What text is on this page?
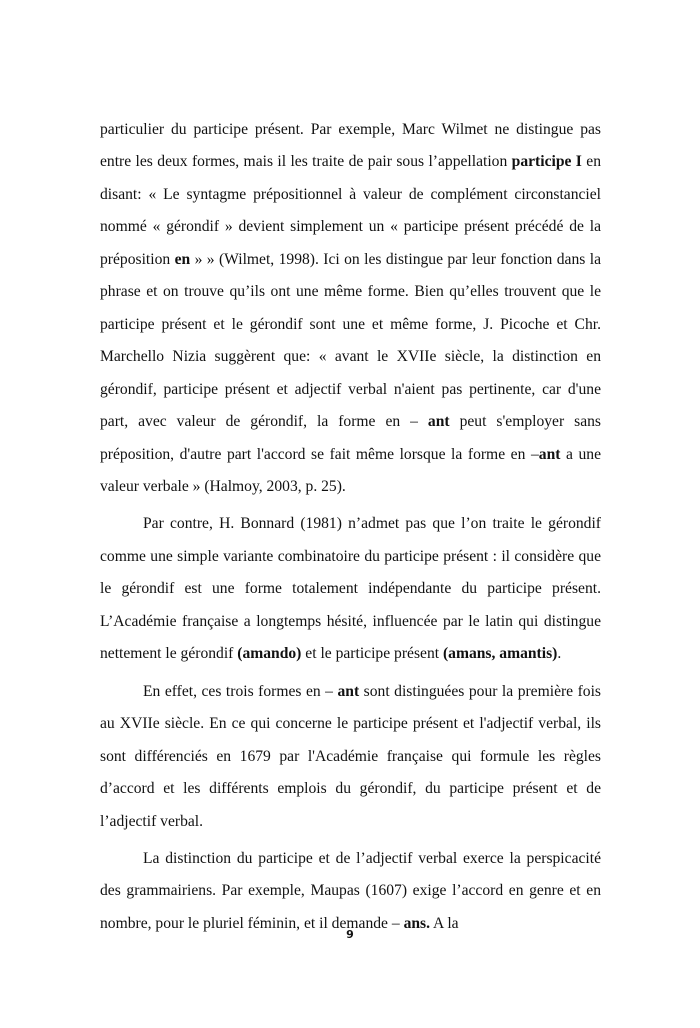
particulier du participe présent. Par exemple, Marc Wilmet ne distingue pas entre les deux formes, mais il les traite de pair sous l’appellation participe I en disant: « Le syntagme prépositionnel à valeur de complément circonstanciel nommé « gérondif » devient simplement un « participe présent précédé de la préposition en » » (Wilmet, 1998). Ici on les distingue par leur fonction dans la phrase et on trouve qu’ils ont une même forme. Bien qu’elles trouvent que le participe présent et le gérondif sont une et même forme, J. Picoche et Chr. Marchello Nizia suggèrent que: « avant le XVIIe siècle, la distinction en gérondif, participe présent et adjectif verbal n'aient pas pertinente, car d'une part, avec valeur de gérondif, la forme en – ant peut s'employer sans préposition, d'autre part l'accord se fait même lorsque la forme en –ant a une valeur verbale » (Halmoy, 2003, p. 25).

Par contre, H. Bonnard (1981) n’admet pas que l’on traite le gérondif comme une simple variante combinatoire du participe présent : il considère que le gérondif est une forme totalement indépendante du participe présent. L’Académie française a longtemps hésité, influencée par le latin qui distingue nettement le gérondif (amando) et le participe présent (amans, amantis).

En effet, ces trois formes en – ant sont distinguées pour la première fois au XVIIe siècle. En ce qui concerne le participe présent et l'adjectif verbal, ils sont différenciés en 1679 par l'Académie française qui formule les règles d’accord et les différents emplois du gérondif, du participe présent et de l’adjectif verbal.

La distinction du participe et de l’adjectif verbal exerce la perspicacité des grammairiens. Par exemple, Maupas (1607) exige l’accord en genre et en nombre, pour le pluriel féminin, et il demande – ans. A la

9
